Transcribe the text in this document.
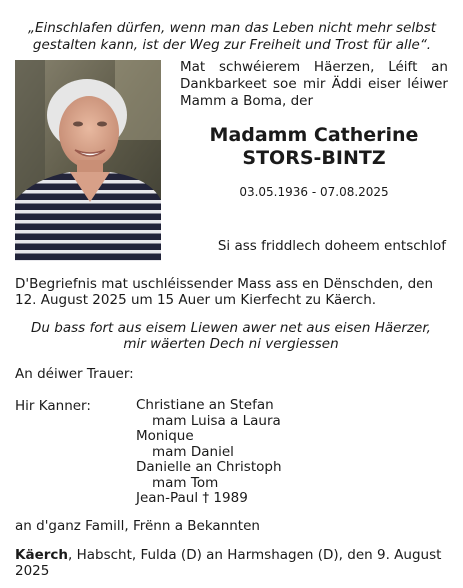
„Einschlafen dürfen, wenn man das Leben nicht mehr selbst
gestalten kann, ist der Weg zur Freiheit und Trost für alle“.
Mat schwéierem Häerzen, Léift an Dankbarkeet soe mir Äddi eiser léiwer Mamm a Boma, der
Madamm Catherine
STORS-BINTZ
03.05.1936 - 07.08.2025
Si ass friddlech doheem entschlof
D'Begriefnis mat uschléissender Mass ass en Dënschden, den 12. August 2025 um 15 Auer um Kierfecht zu Käerch.
Du bass fort aus eisem Liewen awer net aus eisen Häerzer,
mir wäerten Dech ni vergiessen
An déiwer Trauer:
Hir Kanner:	Christiane an Stefan
mam Luisa a Laura
Monique
mam Daniel
Danielle an Christoph
mam Tom
Jean-Paul † 1989
an d'ganz Famill, Frënn a Bekannten
Käerch, Habscht, Fulda (D) an Harmshagen (D), den 9. August 2025
